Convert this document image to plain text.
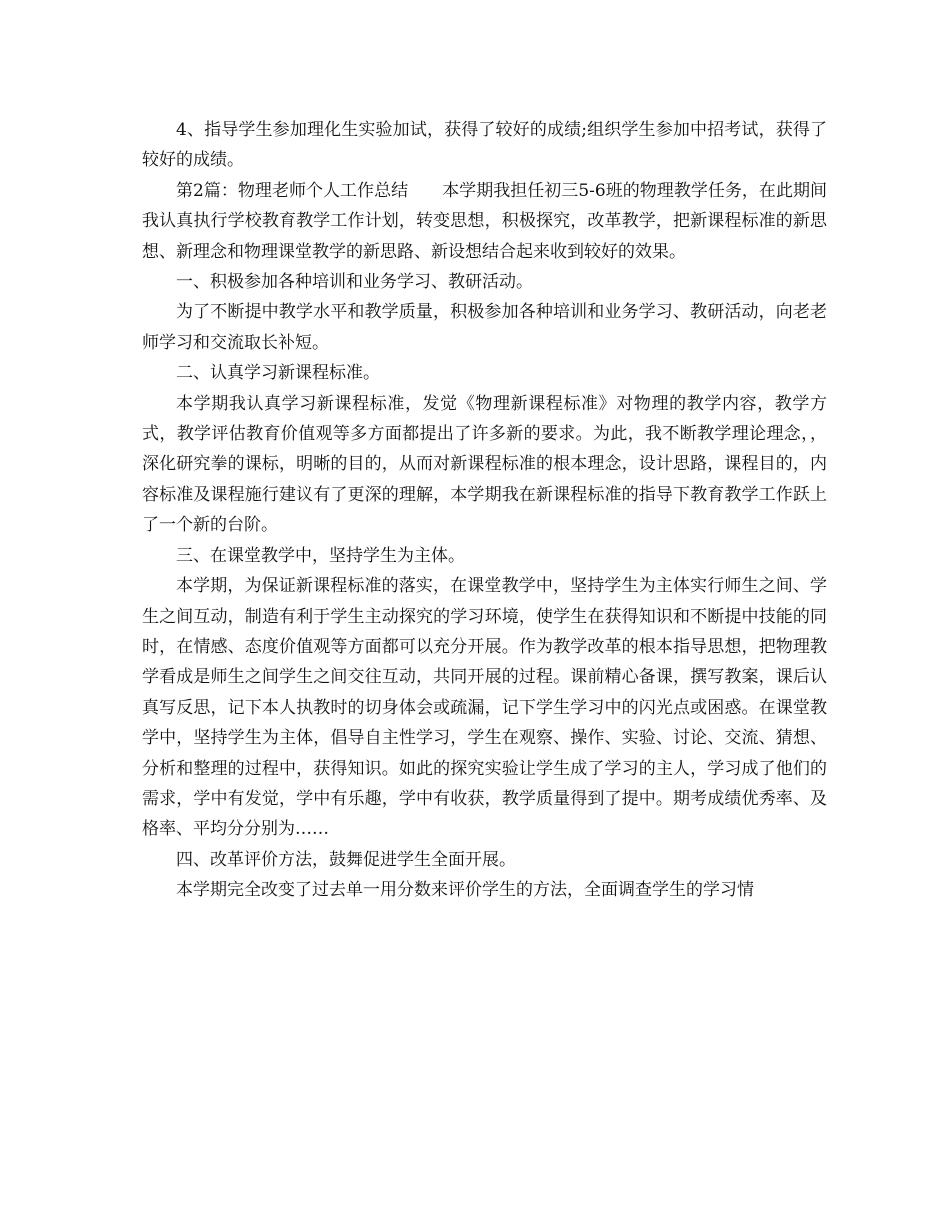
4、指导学生参加理化生实验加试，获得了较好的成绩;组织学生参加中招考试，获得了较好的成绩。

第2篇：物理老师个人工作总结　　本学期我担任初三5-6班的物理教学任务，在此期间我认真执行学校教育教学工作计划，转变思想，积极探究，改革教学，把新课程标准的新思想、新理念和物理课堂教学的新思路、新设想结合起来收到较好的效果。

一、积极参加各种培训和业务学习、教研活动。

为了不断提中教学水平和教学质量，积极参加各种培训和业务学习、教研活动，向老老师学习和交流取长补短。

二、认真学习新课程标准。

本学期我认真学习新课程标准，发觉《物理新课程标准》对物理的教学内容，教学方式，教学评估教育价值观等多方面都提出了许多新的要求。为此，我不断教学理论理念，，深化研究拳的课标，明晰的目的，从而对新课程标准的根本理念，设计思路，课程目的，内容标准及课程施行建议有了更深的理解，本学期我在新课程标准的指导下教育教学工作跃上了一个新的台阶。

三、在课堂教学中，坚持学生为主体。

本学期，为保证新课程标准的落实，在课堂教学中，坚持学生为主体实行师生之间、学生之间互动，制造有利于学生主动探究的学习环境，使学生在获得知识和不断提中技能的同时，在情感、态度价值观等方面都可以充分开展。作为教学改革的根本指导思想，把物理教学看成是师生之间学生之间交往互动，共同开展的过程。课前精心备课，撰写教案，课后认真写反思，记下本人执教时的切身体会或疏漏，记下学生学习中的闪光点或困惑。在课堂教学中，坚持学生为主体，倡导自主性学习，学生在观察、操作、实验、讨论、交流、猜想、分析和整理的过程中，获得知识。如此的探究实验让学生成了学习的主人，学习成了他们的需求，学中有发觉，学中有乐趣，学中有收获，教学质量得到了提中。期考成绩优秀率、及格率、平均分分别为……

四、改革评价方法，鼓舞促进学生全面开展。

本学期完全改变了过去单一用分数来评价学生的方法，全面调查学生的学习情
